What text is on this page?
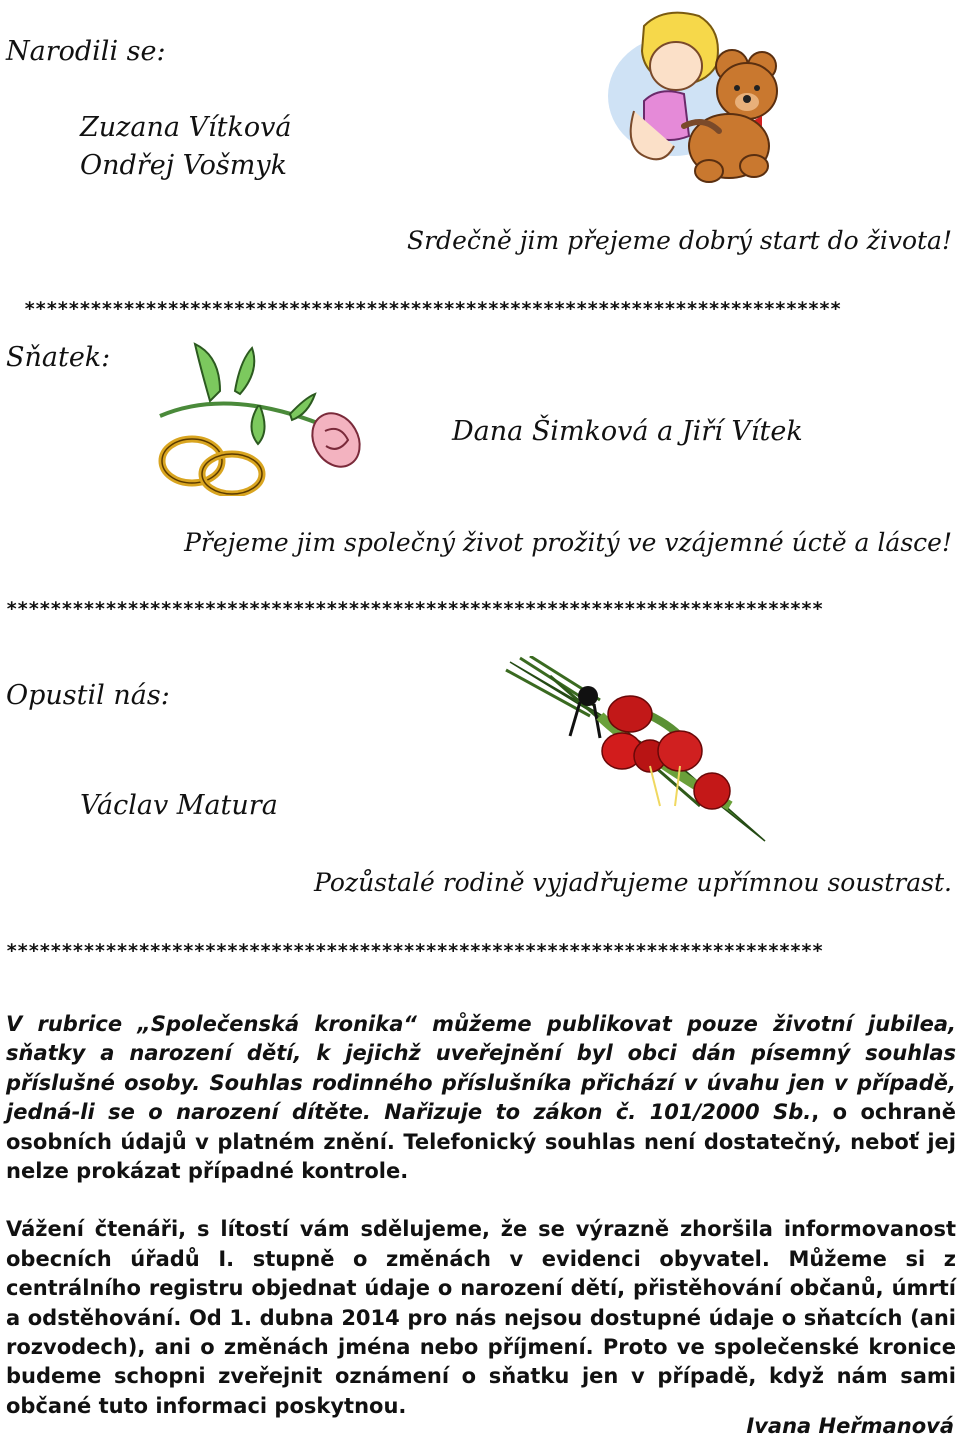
Narodili se:
Zuzana Vítková
Ondřej Vošmyk
Srdečně jim přejeme dobrý start do života!
**************************************************************************
Sňatek:
Dana Šimková a Jiří Vítek
Přejeme jim společný život prožitý ve vzájemné úctě a lásce!
**************************************************************************
Opustil nás:
Václav Matura
Pozůstalé rodině vyjadřujeme upřímnou soustrast.
**************************************************************************

V rubrice „Společenská kronika“ můžeme publikovat pouze životní jubilea, sňatky a narození dětí, k jejichž uveřejnění byl obci dán písemný souhlas příslušné osoby. Souhlas rodinného příslušníka přichází v úvahu jen v případě, jedná-li se o narození dítěte. Nařizuje to zákon č. 101/2000 Sb., o ochraně osobních údajů v platném znění. Telefonický souhlas není dostatečný, neboť jej nelze prokázat případné kontrole.

Vážení čtenáři, s lítostí vám sdělujeme, že se výrazně zhoršila informovanost obecních úřadů I. stupně o změnách v evidenci obyvatel. Můžeme si z centrálního registru objednat údaje o narození dětí, přistěhování občanů, úmrtí a odstěhování. Od 1. dubna 2014 pro nás nejsou dostupné údaje o sňatcích (ani rozvodech), ani o změnách jména nebo příjmení. Proto ve společenské kronice budeme schopni zveřejnit oznámení o sňatku jen v případě, když nám sami občané tuto informaci poskytnou.

Ivana Heřmanová
